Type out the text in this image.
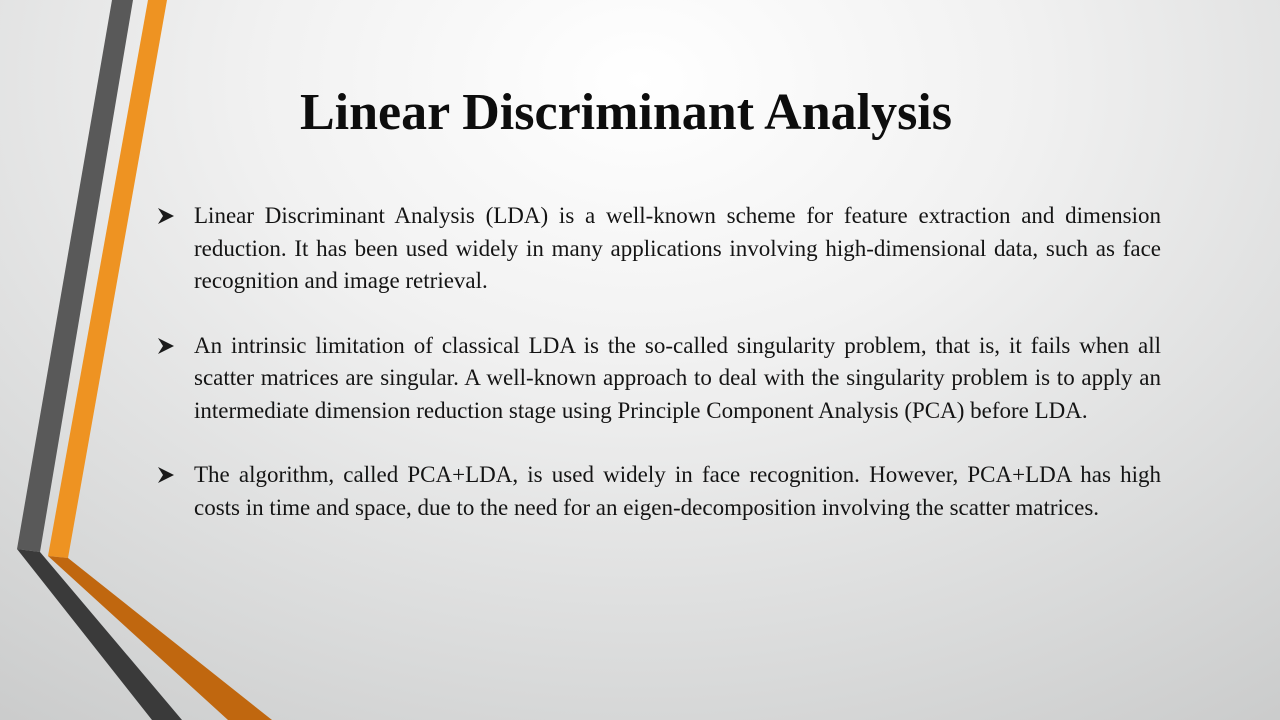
Linear Discriminant Analysis
Linear Discriminant Analysis (LDA) is a well-known scheme for feature extraction and dimension reduction. It has been used widely in many applications involving high-dimensional data, such as face recognition and image retrieval.
An intrinsic limitation of classical LDA is the so-called singularity problem, that is, it fails when all scatter matrices are singular. A well-known approach to deal with the singularity problem is to apply an intermediate dimension reduction stage using Principle Component Analysis (PCA) before LDA.
The algorithm, called PCA+LDA, is used widely in face recognition. However, PCA+LDA has high costs in time and space, due to the need for an eigen-decomposition involving the scatter matrices.
